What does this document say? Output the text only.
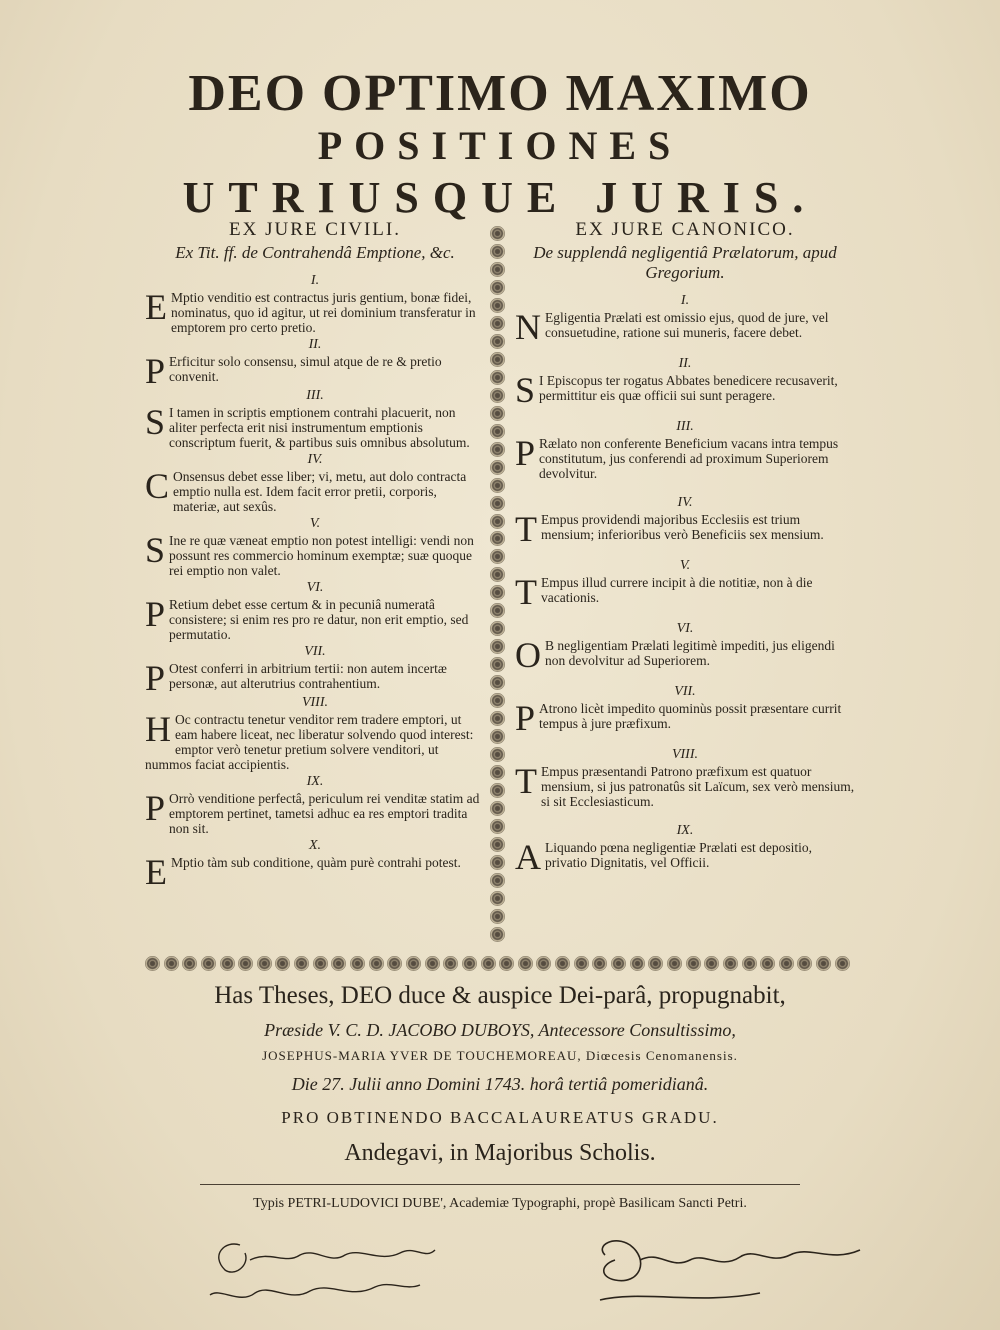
DEO OPTIMO MAXIMO
POSITIONES
UTRIUSQUE JURIS.
EX JURE CIVILI.
Ex Tit. ff. de Contrahendâ Emptione, &c.
I.
E Mptio venditio est contractus juris gentium, bonæ fidei, nominatus, quo id agitur, ut rei dominium transferatur in emptorem pro certo pretio.
II.
P Erficitur solo consensu, simul atque de re & pretio convenit.
III.
S I tamen in scriptis emptionem contrahi placuerit, non aliter perfecta erit nisi instrumentum emptionis conscriptum fuerit, & partibus suis omnibus absolutum.
IV.
C Onsensus debet esse liber; vi, metu, aut dolo contracta emptio nulla est. Idem facit error pretii, corporis, materiæ, aut sexûs.
V.
S Ine re quæ væneat emptio non potest intelligi: vendi non possunt res commercio hominum exemptæ; suæ quoque rei emptio non valet.
VI.
P Retium debet esse certum & in pecuniâ numeratâ consistere; si enim res pro re datur, non erit emptio, sed permutatio.
VII.
P Otest conferri in arbitrium tertii: non autem incertæ personæ, aut alterutrius contrahentium.
VIII.
H Oc contractu tenetur venditor rem tradere emptori, ut eam habere liceat, nec liberatur solvendo quod interest: emptor verò tenetur pretium solvere venditori, ut nummos faciat accipientis.
IX.
P Orrò venditione perfectâ, periculum rei venditæ statim ad emptorem pertinet, tametsi adhuc ea res emptori tradita non sit.
X.
E Mptio tàm sub conditione, quàm purè contrahi potest.
EX JURE CANONICO.
De supplendâ negligentiâ Prælatorum, apud Gregorium.
I.
N Egligentia Prælati est omissio ejus, quod de jure, vel consuetudine, ratione sui muneris, facere debet.
II.
S I Episcopus ter rogatus Abbates benedicere recusaverit, permittitur eis quæ officii sui sunt peragere.
III.
P Rælato non conferente Beneficium vacans intra tempus constitutum, jus conferendi ad proximum Superiorem devolvitur.
IV.
T Empus providendi majoribus Ecclesiis est trium mensium; inferioribus verò Beneficiis sex mensium.
V.
T Empus illud currere incipit à die notitiæ, non à die vacationis.
VI.
O B negligentiam Prælati legitimè impediti, jus eligendi non devolvitur ad Superiorem.
VII.
P Atrono licèt impedito quominùs possit præsentare currit tempus à jure præfixum.
VIII.
T Empus præsentandi Patrono præfixum est quatuor mensium, si jus patronatûs sit Laïcum, sex verò mensium, si sit Ecclesiasticum.
IX.
A Liquando pœna negligentiæ Prælati est depositio, privatio Dignitatis, vel Officii.
Has Theses, DEO duce & auspice Dei-parâ, propugnabit,
Præside V. C. D. JACOBO DUBOYS, Antecessore Consultissimo,
JOSEPHUS-MARIA YVER DE TOUCHEMOREAU, Diœcesis Cenomanensis.
Die 27. Julii anno Domini 1743. horâ tertiâ pomeridianâ.
PRO OBTINENDO BACCALAUREATUS GRADU.
Andegavi, in Majoribus Scholis.
Typis PETRI-LUDOVICI DUBE', Academiæ Typographi, propè Basilicam Sancti Petri.
